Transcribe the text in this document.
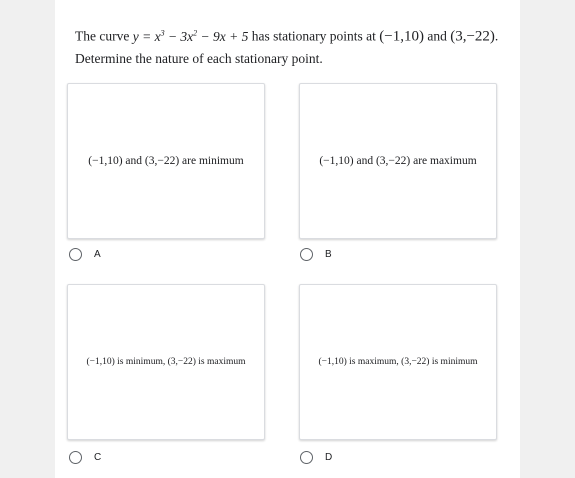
The curve $y = x^3 - 3x^2 - 9x + 5$ has stationary points at (−1,10) and (3,−22).
Determine the nature of each stationary point.
(−1,10) and (3,−22) are minimum
A
(−1,10) and (3,−22) are maximum
B
(−1,10) is minimum, (3,−22) is maximum
C
(−1,10) is maximum, (3,−22) is minimum
D
